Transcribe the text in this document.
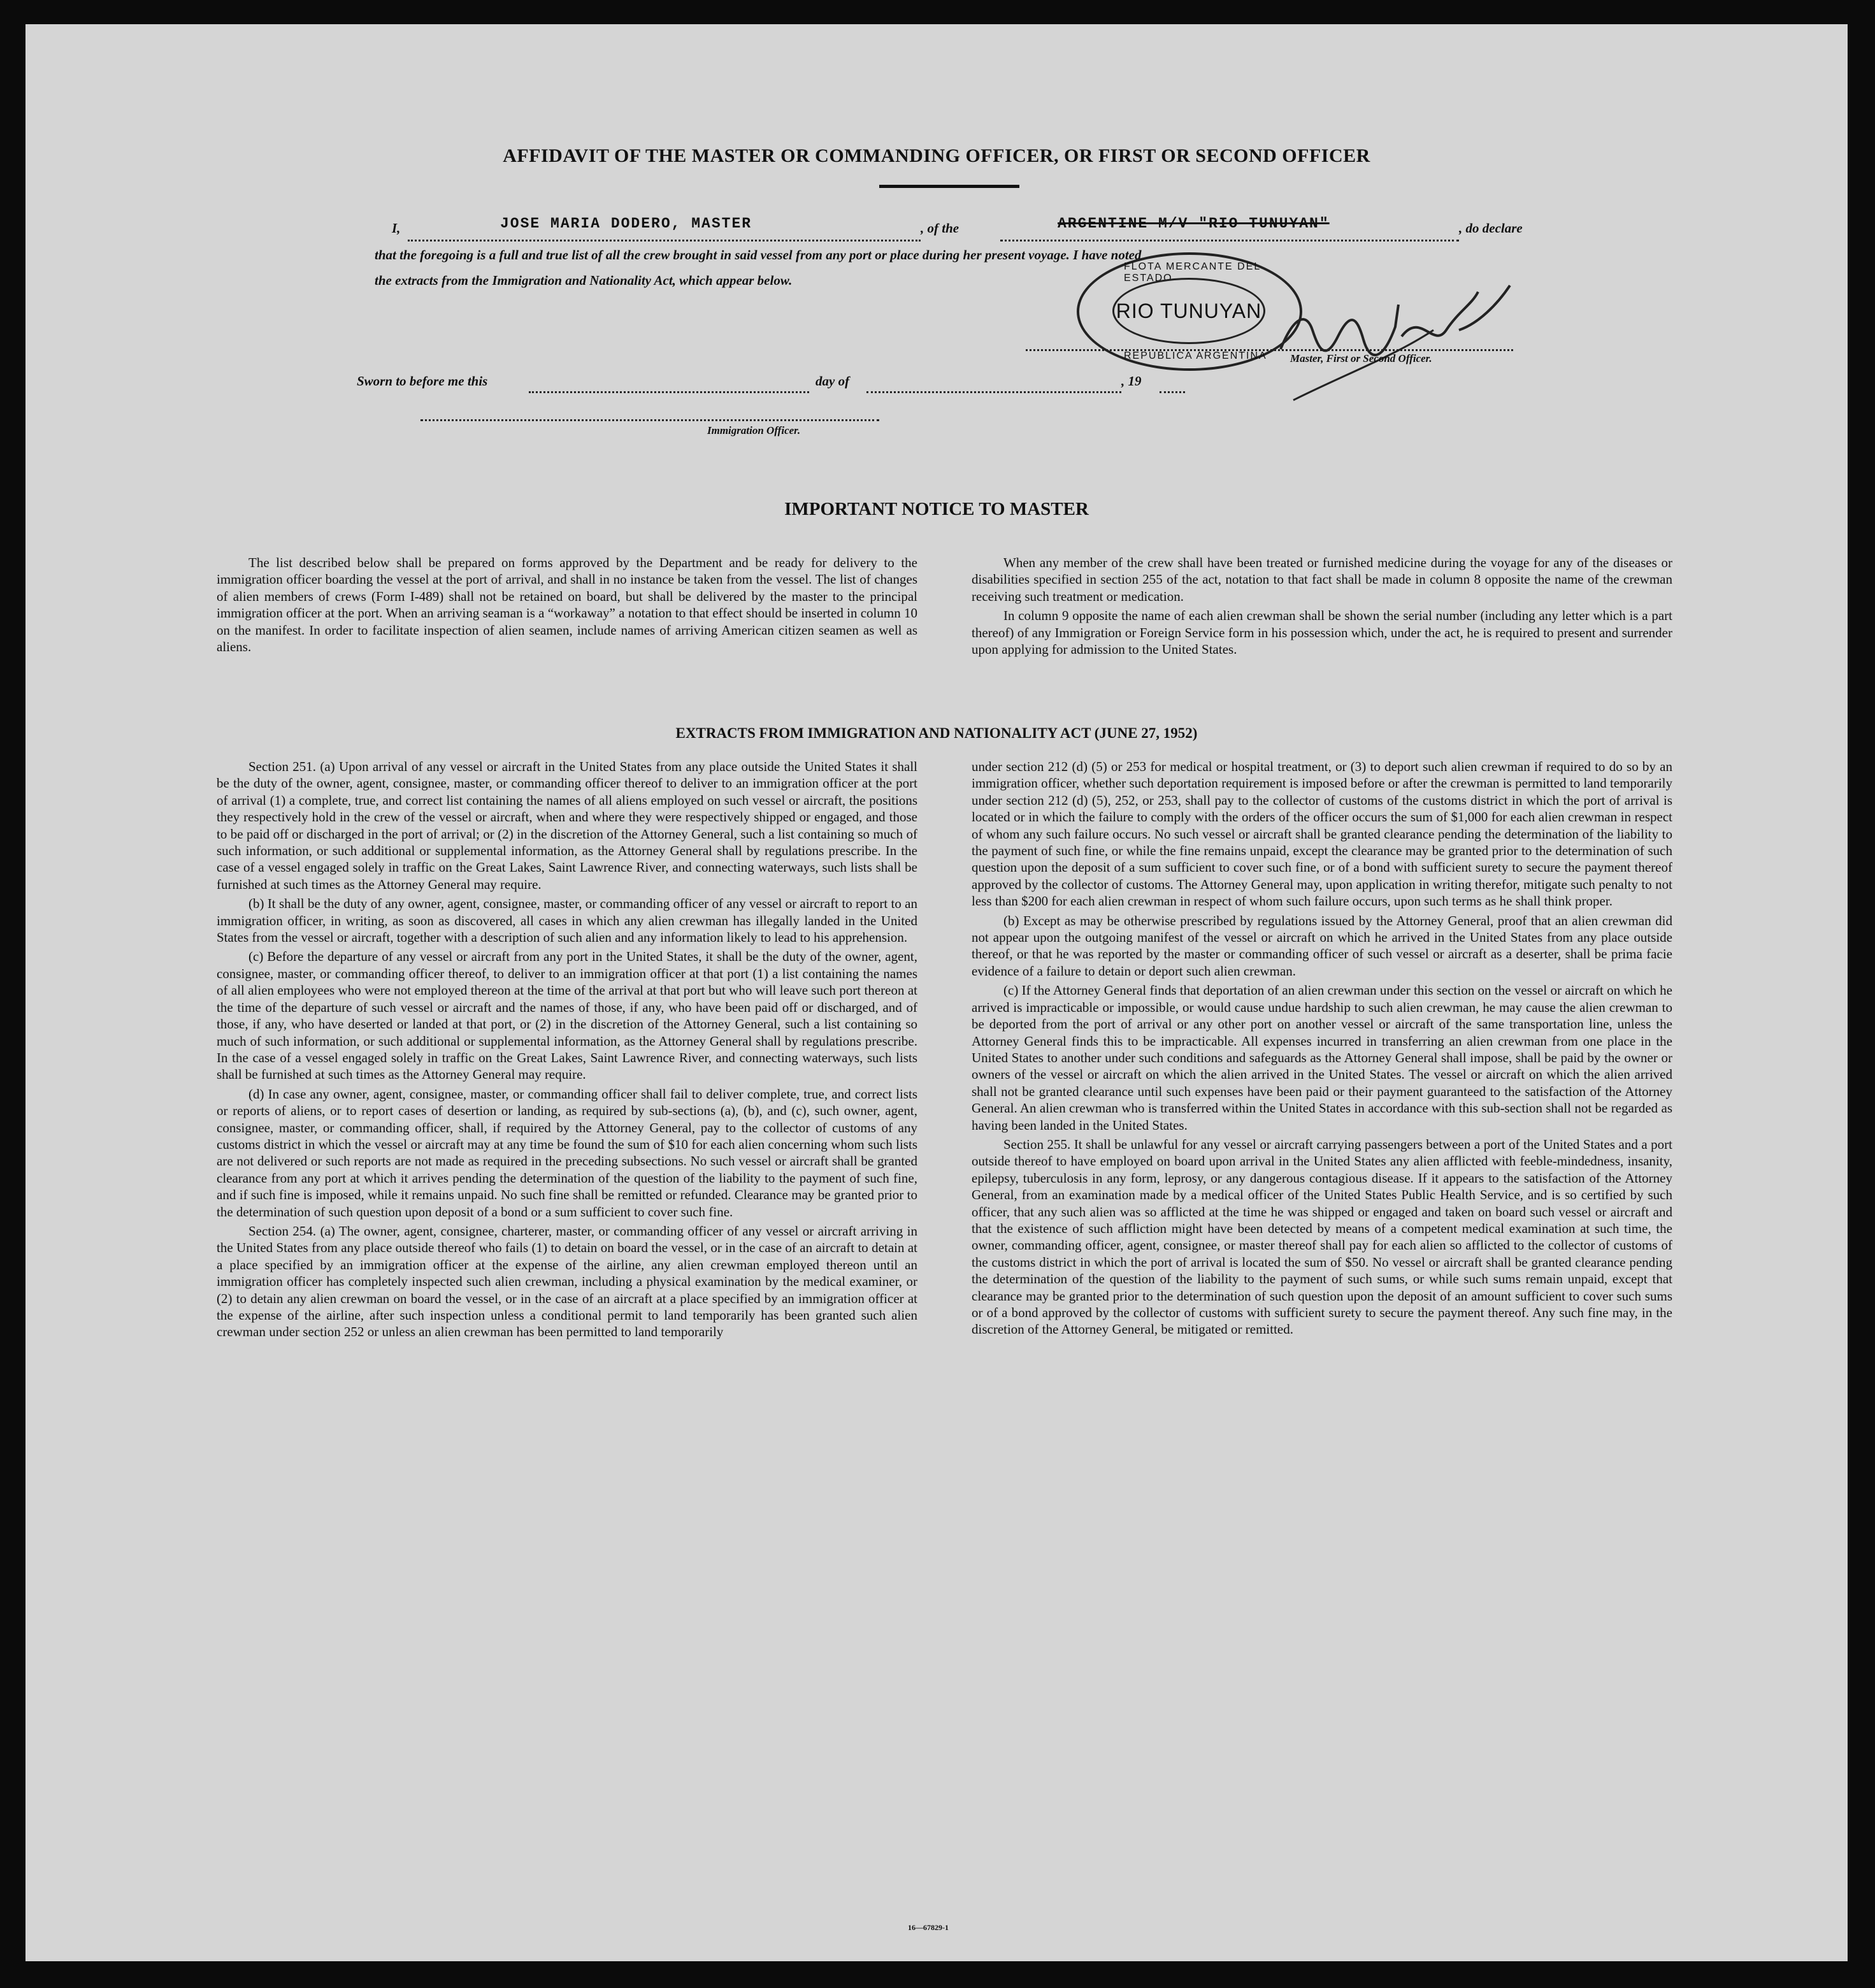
AFFIDAVIT OF THE MASTER OR COMMANDING OFFICER, OR FIRST OR SECOND OFFICER
I,	JOSE MARIA DODERO, MASTER	, of the	ARGENTINE M/V "RIO TUNUYAN"	, do declare
that the foregoing is a full and true list of all the crew brought in said vessel from any port or place during her present voyage. I have noted
the extracts from the Immigration and Nationality Act, which appear below.
FLOTA MERCANTE DEL ESTADO
RIO TUNUYAN
REPUBLICA ARGENTINA Master, First or Second Officer.
Sworn to before me this	day of	, 19
Immigration Officer.
IMPORTANT NOTICE TO MASTER

The list described below shall be prepared on forms approved by the Department and be ready for delivery to the immigration officer boarding the vessel at the port of arrival, and shall in no instance be taken from the vessel. The list of changes of alien members of crews (Form I-489) shall not be retained on board, but shall be delivered by the master to the principal immigration officer at the port. When an arriving seaman is a “workaway” a notation to that effect should be inserted in column 10 on the manifest. In order to facilitate inspection of alien seamen, include names of arriving American citizen seamen as well as aliens.

When any member of the crew shall have been treated or furnished medicine during the voyage for any of the diseases or disabilities specified in section 255 of the act, notation to that fact shall be made in column 8 opposite the name of the crewman receiving such treatment or medication.

In column 9 opposite the name of each alien crewman shall be shown the serial number (including any letter which is a part thereof) of any Immigration or Foreign Service form in his possession which, under the act, he is required to present and surrender upon applying for admission to the United States.

EXTRACTS FROM IMMIGRATION AND NATIONALITY ACT (JUNE 27, 1952)

Section 251. (a) Upon arrival of any vessel or aircraft in the United States from any place outside the United States it shall be the duty of the owner, agent, consignee, master, or commanding officer thereof to deliver to an immigration officer at the port of arrival (1) a complete, true, and correct list containing the names of all aliens employed on such vessel or aircraft, the positions they respectively hold in the crew of the vessel or aircraft, when and where they were respectively shipped or engaged, and those to be paid off or discharged in the port of arrival; or (2) in the discretion of the Attorney General, such a list containing so much of such information, or such additional or supplemental information, as the Attorney General shall by regulations prescribe. In the case of a vessel engaged solely in traffic on the Great Lakes, Saint Lawrence River, and connecting waterways, such lists shall be furnished at such times as the Attorney General may require.

(b) It shall be the duty of any owner, agent, consignee, master, or commanding officer of any vessel or aircraft to report to an immigration officer, in writing, as soon as discovered, all cases in which any alien crewman has illegally landed in the United States from the vessel or aircraft, together with a description of such alien and any information likely to lead to his apprehension.

(c) Before the departure of any vessel or aircraft from any port in the United States, it shall be the duty of the owner, agent, consignee, master, or commanding officer thereof, to deliver to an immigration officer at that port (1) a list containing the names of all alien employees who were not employed thereon at the time of the arrival at that port but who will leave such port thereon at the time of the departure of such vessel or aircraft and the names of those, if any, who have been paid off or discharged, and of those, if any, who have deserted or landed at that port, or (2) in the discretion of the Attorney General, such a list containing so much of such information, or such additional or supplemental information, as the Attorney General shall by regulations prescribe. In the case of a vessel engaged solely in traffic on the Great Lakes, Saint Lawrence River, and connecting waterways, such lists shall be furnished at such times as the Attorney General may require.

(d) In case any owner, agent, consignee, master, or commanding officer shall fail to deliver complete, true, and correct lists or reports of aliens, or to report cases of desertion or landing, as required by sub-sections (a), (b), and (c), such owner, agent, consignee, master, or commanding officer, shall, if required by the Attorney General, pay to the collector of customs of any customs district in which the vessel or aircraft may at any time be found the sum of $10 for each alien concerning whom such lists are not delivered or such reports are not made as required in the preceding subsections. No such vessel or aircraft shall be granted clearance from any port at which it arrives pending the determination of the question of the liability to the payment of such fine, and if such fine is imposed, while it remains unpaid. No such fine shall be remitted or refunded. Clearance may be granted prior to the determination of such question upon deposit of a bond or a sum sufficient to cover such fine.

Section 254. (a) The owner, agent, consignee, charterer, master, or commanding officer of any vessel or aircraft arriving in the United States from any place outside thereof who fails (1) to detain on board the vessel, or in the case of an aircraft to detain at a place specified by an immigration officer at the expense of the airline, any alien crewman employed thereon until an immigration officer has completely inspected such alien crewman, including a physical examination by the medical examiner, or (2) to detain any alien crewman on board the vessel, or in the case of an aircraft at a place specified by an immigration officer at the expense of the airline, after such inspection unless a conditional permit to land temporarily has been granted such alien crewman under section 252 or unless an alien crewman has been permitted to land temporarily

under section 212 (d) (5) or 253 for medical or hospital treatment, or (3) to deport such alien crewman if required to do so by an immigration officer, whether such deportation requirement is imposed before or after the crewman is permitted to land temporarily under section 212 (d) (5), 252, or 253, shall pay to the collector of customs of the customs district in which the port of arrival is located or in which the failure to comply with the orders of the officer occurs the sum of $1,000 for each alien crewman in respect of whom any such failure occurs. No such vessel or aircraft shall be granted clearance pending the determination of the liability to the payment of such fine, or while the fine remains unpaid, except the clearance may be granted prior to the determination of such question upon the deposit of a sum sufficient to cover such fine, or of a bond with sufficient surety to secure the payment thereof approved by the collector of customs. The Attorney General may, upon application in writing therefor, mitigate such penalty to not less than $200 for each alien crewman in respect of whom such failure occurs, upon such terms as he shall think proper.

(b) Except as may be otherwise prescribed by regulations issued by the Attorney General, proof that an alien crewman did not appear upon the outgoing manifest of the vessel or aircraft on which he arrived in the United States from any place outside thereof, or that he was reported by the master or commanding officer of such vessel or aircraft as a deserter, shall be prima facie evidence of a failure to detain or deport such alien crewman.

(c) If the Attorney General finds that deportation of an alien crewman under this section on the vessel or aircraft on which he arrived is impracticable or impossible, or would cause undue hardship to such alien crewman, he may cause the alien crewman to be deported from the port of arrival or any other port on another vessel or aircraft of the same transportation line, unless the Attorney General finds this to be impracticable. All expenses incurred in transferring an alien crewman from one place in the United States to another under such conditions and safeguards as the Attorney General shall impose, shall be paid by the owner or owners of the vessel or aircraft on which the alien arrived in the United States. The vessel or aircraft on which the alien arrived shall not be granted clearance until such expenses have been paid or their payment guaranteed to the satisfaction of the Attorney General. An alien crewman who is transferred within the United States in accordance with this sub-section shall not be regarded as having been landed in the United States.

Section 255. It shall be unlawful for any vessel or aircraft carrying passengers between a port of the United States and a port outside thereof to have employed on board upon arrival in the United States any alien afflicted with feeble-mindedness, insanity, epilepsy, tuberculosis in any form, leprosy, or any dangerous contagious disease. If it appears to the satisfaction of the Attorney General, from an examination made by a medical officer of the United States Public Health Service, and is so certified by such officer, that any such alien was so afflicted at the time he was shipped or engaged and taken on board such vessel or aircraft and that the existence of such affliction might have been detected by means of a competent medical examination at such time, the owner, commanding officer, agent, consignee, or master thereof shall pay for each alien so afflicted to the collector of customs of the customs district in which the port of arrival is located the sum of $50. No vessel or aircraft shall be granted clearance pending the determination of the question of the liability to the payment of such sums, or while such sums remain unpaid, except that clearance may be granted prior to the determination of such question upon the deposit of an amount sufficient to cover such sums or of a bond approved by the collector of customs with sufficient surety to secure the payment thereof. Any such fine may, in the discretion of the Attorney General, be mitigated or remitted.

16—67829-1
